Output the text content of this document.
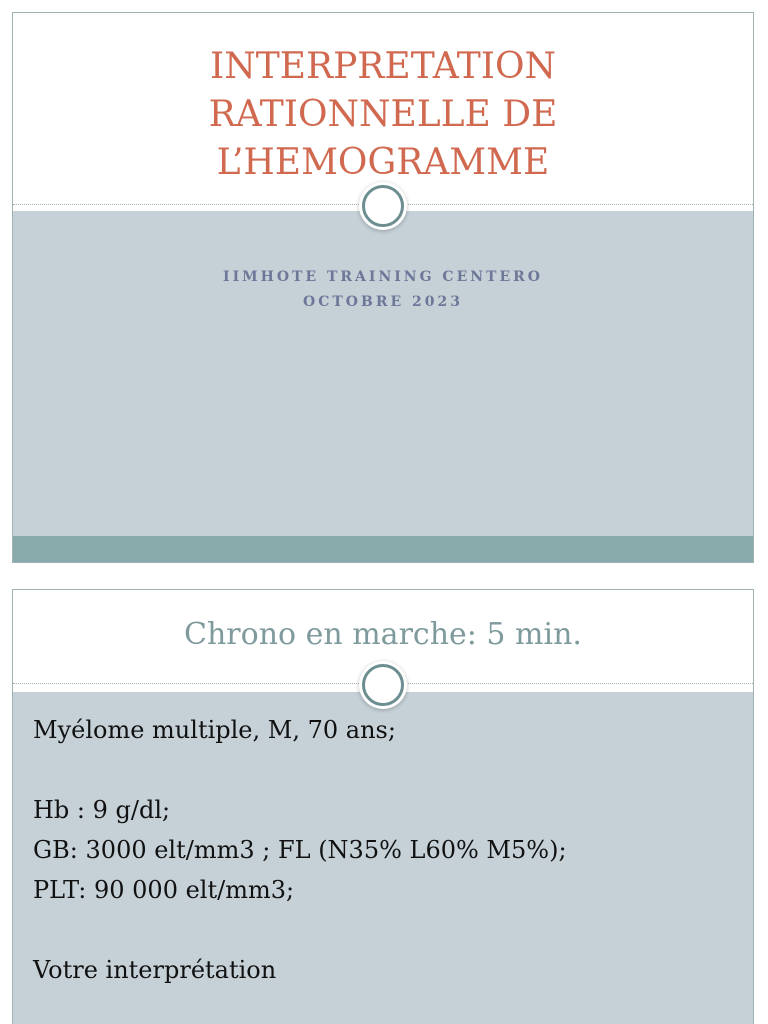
INTERPRETATION
RATIONNELLE DE
L’HEMOGRAMME
IIMHOTE TRAINING CENTERO
OCTOBRE 2023
Chrono en marche: 5 min.
Myélome multiple, M, 70 ans;
Hb : 9 g/dl;
GB: 3000 elt/mm3 ; FL (N35% L60% M5%);
PLT: 90 000 elt/mm3;
Votre interprétation
